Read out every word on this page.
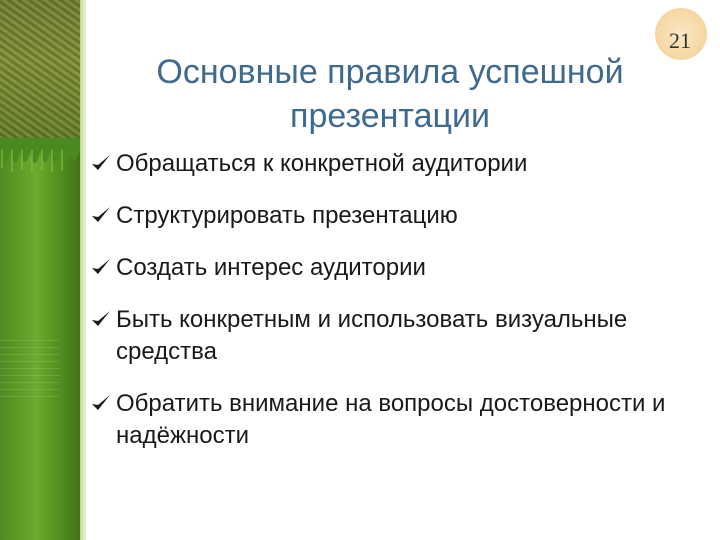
21
Основные правила успешной презентации
Обращаться к конкретной аудитории
Структурировать презентацию
Создать интерес аудитории
Быть конкретным и использовать визуальные средства
Обратить внимание на вопросы достоверности и надёжности
